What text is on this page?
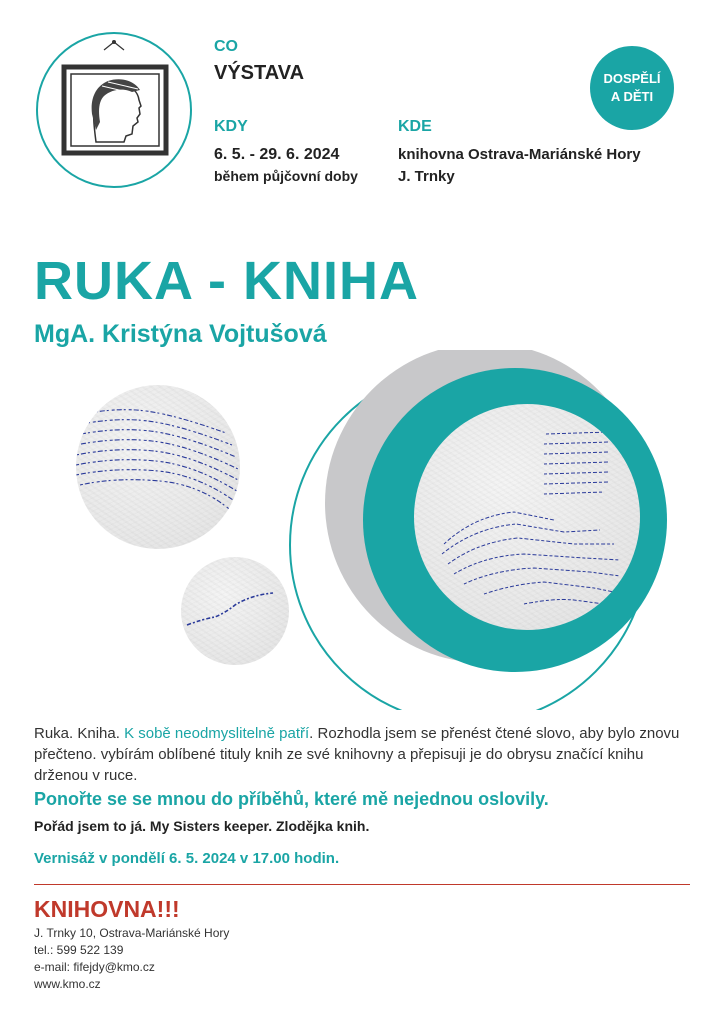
CO
VÝSTAVA
KDY
6. 5. - 29. 6. 2024
během půjčovní doby
KDE
knihovna Ostrava-Mariánské Hory
J. Trnky
DOSPĚLÍ
A DĚTI
RUKA - KNIHA
MgA. Kristýna Vojtušová
Ruka. Kniha. K sobě neodmyslitelně patří. Rozhodla jsem se přenést čtené slovo, aby bylo znovu přečteno. vybírám oblíbené tituly knih ze své knihovny a přepisuji je do obrysu značící knihu drženou v ruce.
Ponořte se se mnou do příběhů, které mě nejednou oslovily.
Pořád jsem to já. My Sisters keeper. Zlodějka knih.
Vernisáž v pondělí 6. 5. 2024 v 17.00 hodin.
KNIHOVNA!!!
J. Trnky 10, Ostrava-Mariánské Hory
tel.: 599 522 139
e-mail: fifejdy@kmo.cz
www.kmo.cz
